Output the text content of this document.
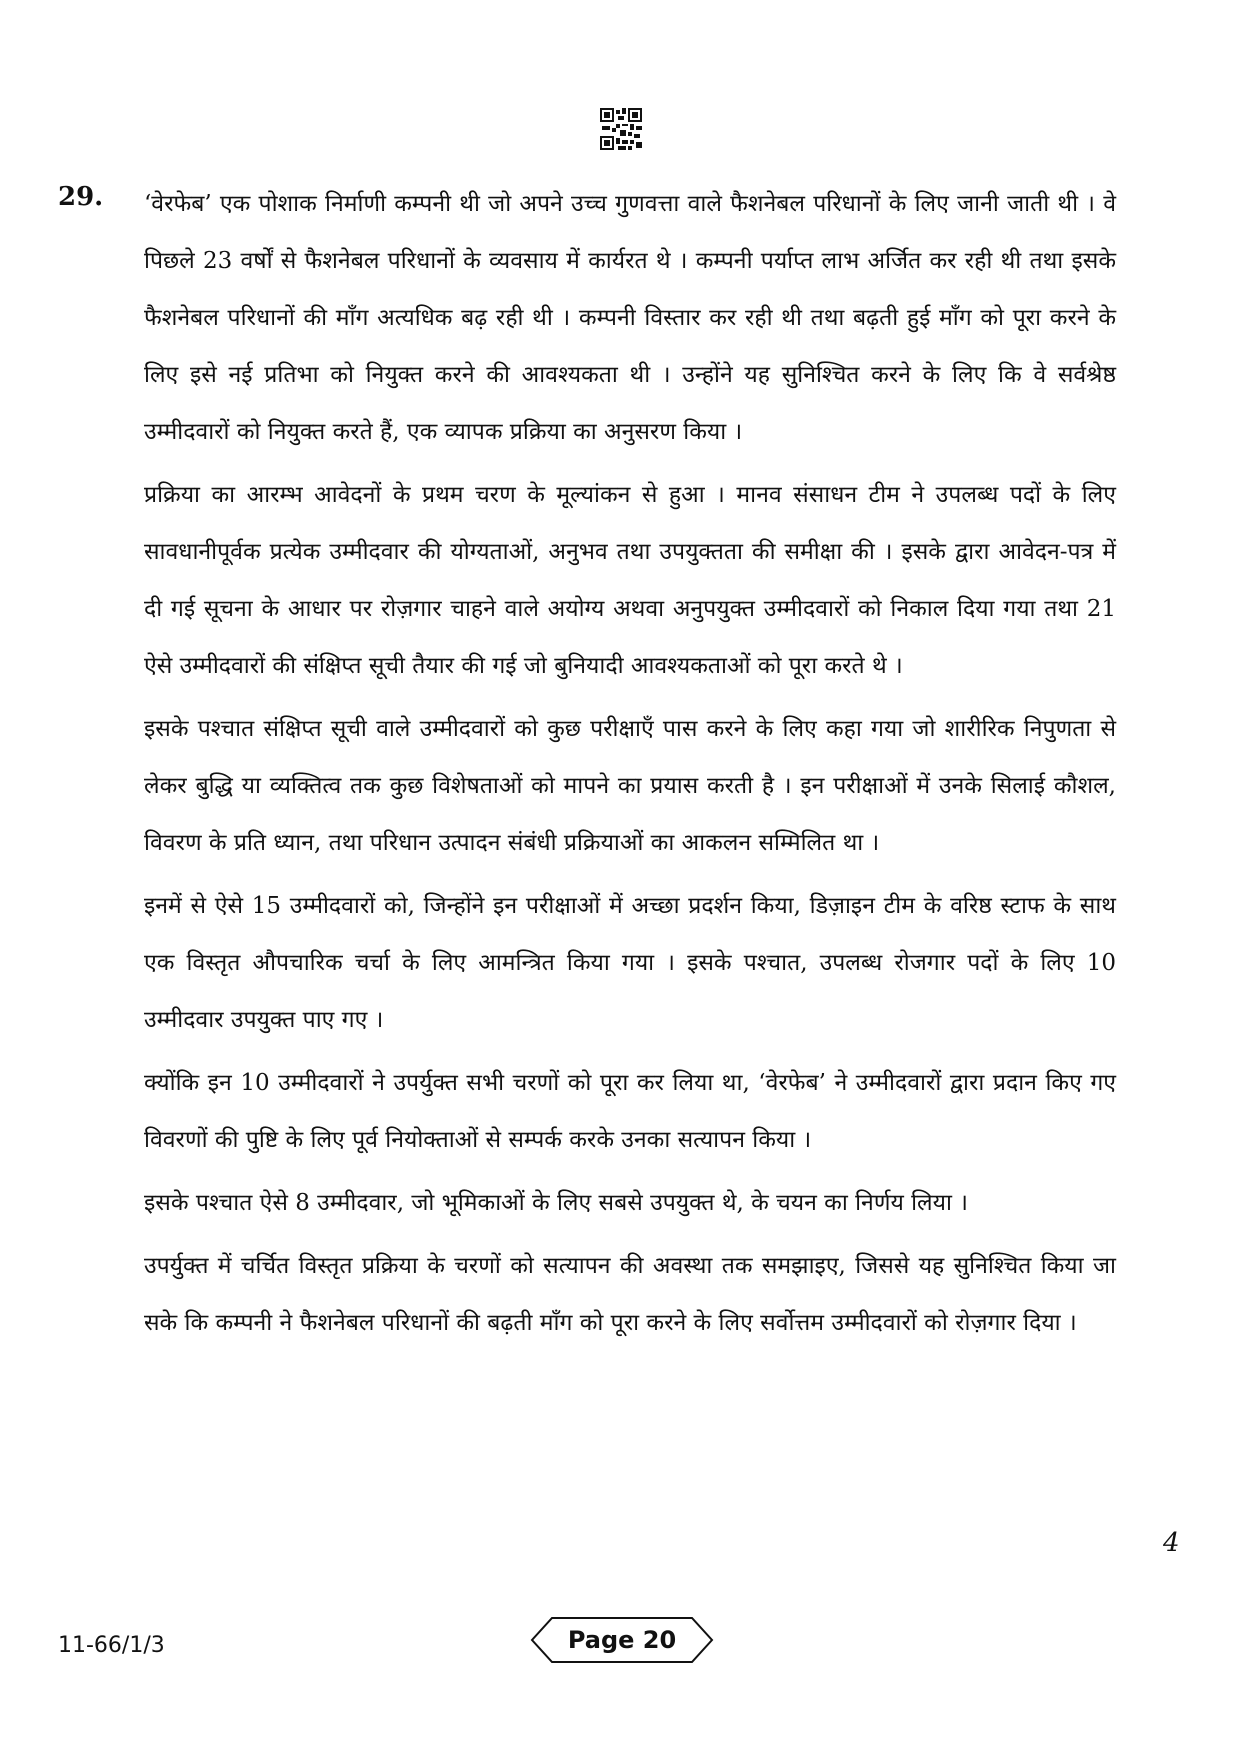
29. ‘वेरफेब’ एक पोशाक निर्माणी कम्पनी थी जो अपने उच्च गुणवत्ता वाले फैशनेबल परिधानों के लिए जानी जाती थी । वे पिछले 23 वर्षों से फैशनेबल परिधानों के व्यवसाय में कार्यरत थे । कम्पनी पर्याप्त लाभ अर्जित कर रही थी तथा इसके फैशनेबल परिधानों की माँग अत्यधिक बढ़ रही थी । कम्पनी विस्तार कर रही थी तथा बढ़ती हुई माँग को पूरा करने के लिए इसे नई प्रतिभा को नियुक्त करने की आवश्यकता थी । उन्होंने यह सुनिश्चित करने के लिए कि वे सर्वश्रेष्ठ उम्मीदवारों को नियुक्त करते हैं, एक व्यापक प्रक्रिया का अनुसरण किया ।

प्रक्रिया का आरम्भ आवेदनों के प्रथम चरण के मूल्यांकन से हुआ । मानव संसाधन टीम ने उपलब्ध पदों के लिए सावधानीपूर्वक प्रत्येक उम्मीदवार की योग्यताओं, अनुभव तथा उपयुक्तता की समीक्षा की । इसके द्वारा आवेदन-पत्र में दी गई सूचना के आधार पर रोज़गार चाहने वाले अयोग्य अथवा अनुपयुक्त उम्मीदवारों को निकाल दिया गया तथा 21 ऐसे उम्मीदवारों की संक्षिप्त सूची तैयार की गई जो बुनियादी आवश्यकताओं को पूरा करते थे ।

इसके पश्चात संक्षिप्त सूची वाले उम्मीदवारों को कुछ परीक्षाएँ पास करने के लिए कहा गया जो शारीरिक निपुणता से लेकर बुद्धि या व्यक्तित्व तक कुछ विशेषताओं को मापने का प्रयास करती है । इन परीक्षाओं में उनके सिलाई कौशल, विवरण के प्रति ध्यान, तथा परिधान उत्पादन संबंधी प्रक्रियाओं का आकलन सम्मिलित था ।

इनमें से ऐसे 15 उम्मीदवारों को, जिन्होंने इन परीक्षाओं में अच्छा प्रदर्शन किया, डिज़ाइन टीम के वरिष्ठ स्टाफ के साथ एक विस्तृत औपचारिक चर्चा के लिए आमन्त्रित किया गया । इसके पश्चात, उपलब्ध रोजगार पदों के लिए 10 उम्मीदवार उपयुक्त पाए गए ।

क्योंकि इन 10 उम्मीदवारों ने उपर्युक्त सभी चरणों को पूरा कर लिया था, ‘वेरफेब’ ने उम्मीदवारों द्वारा प्रदान किए गए विवरणों की पुष्टि के लिए पूर्व नियोक्ताओं से सम्पर्क करके उनका सत्यापन किया ।

इसके पश्चात ऐसे 8 उम्मीदवार, जो भूमिकाओं के लिए सबसे उपयुक्त थे, के चयन का निर्णय लिया ।

उपर्युक्त में चर्चित विस्तृत प्रक्रिया के चरणों को सत्यापन की अवस्था तक समझाइए, जिससे यह सुनिश्चित किया जा सके कि कम्पनी ने फैशनेबल परिधानों की बढ़ती माँग को पूरा करने के लिए सर्वोत्तम उम्मीदवारों को रोज़गार दिया ।

4
11-66/1/3	Page 20
